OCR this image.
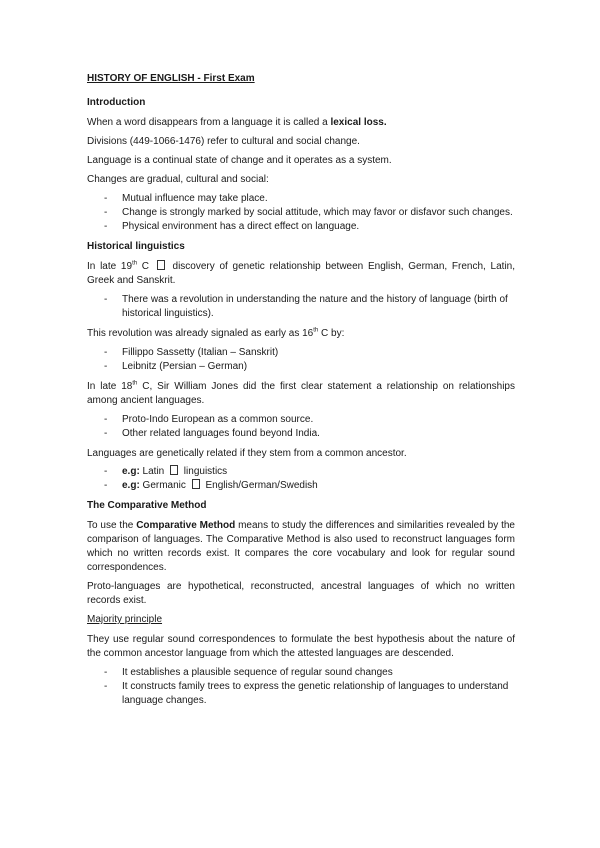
HISTORY OF ENGLISH - First Exam
Introduction

When a word disappears from a language it is called a lexical loss.

Divisions (449-1066-1476) refer to cultural and social change.

Language is a continual state of change and it operates as a system.

Changes are gradual, cultural and social:

- Mutual influence may take place.
- Change is strongly marked by social attitude, which may favor or disfavor such changes.
- Physical environment has a direct effect on language.
Historical linguistics

In late 19th C  discovery of genetic relationship between English, German, French, Latin, Greek and Sanskrit.

- There was a revolution in understanding the nature and the history of language (birth of historical linguistics).

This revolution was already signaled as early as 16th C by:

- Fillippo Sassetty (Italian – Sanskrit)
- Leibnitz (Persian – German)

In late 18th C, Sir William Jones did the first clear statement a relationship on relationships among ancient languages.

- Proto-Indo European as a common source.
- Other related languages found beyond India.

Languages are genetically related if they stem from a common ancestor.

- e.g: Latin  linguistics
- e.g: Germanic  English/German/Swedish
The Comparative Method

To use the Comparative Method means to study the differences and similarities revealed by the comparison of languages. The Comparative Method is also used to reconstruct languages form which no written records exist. It compares the core vocabulary and look for regular sound correspondences.

Proto-languages are hypothetical, reconstructed, ancestral languages of which no written records exist.

Majority principle

They use regular sound correspondences to formulate the best hypothesis about the nature of the common ancestor language from which the attested languages are descended.

- It establishes a plausible sequence of regular sound changes
- It constructs family trees to express the genetic relationship of languages to understand language changes.
